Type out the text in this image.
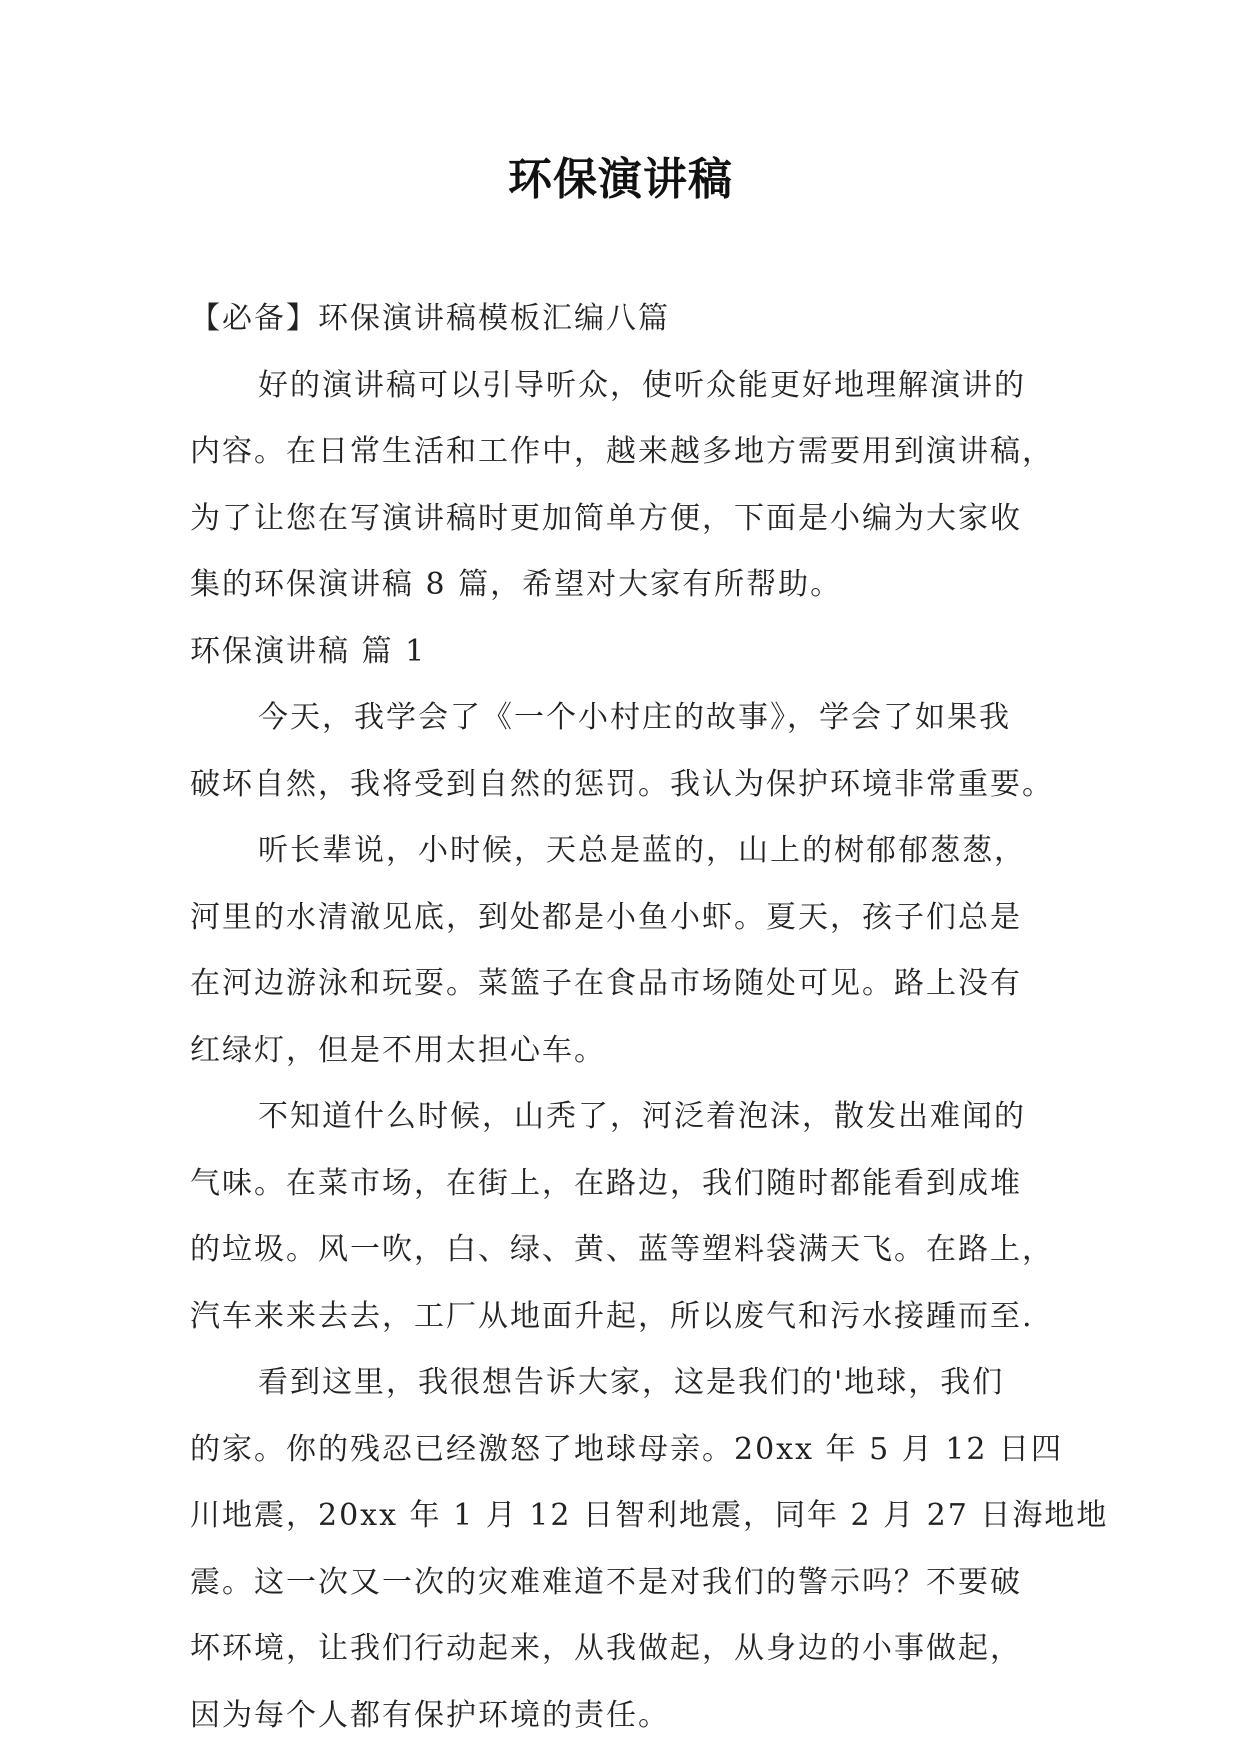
环保演讲稿
【必备】环保演讲稿模板汇编八篇
好的演讲稿可以引导听众，使听众能更好地理解演讲的
内容。在日常生活和工作中，越来越多地方需要用到演讲稿，
为了让您在写演讲稿时更加简单方便，下面是小编为大家收
集的环保演讲稿 8 篇，希望对大家有所帮助。
环保演讲稿 篇 1
今天，我学会了《一个小村庄的故事》，学会了如果我
破坏自然，我将受到自然的惩罚。我认为保护环境非常重要。
听长辈说，小时候，天总是蓝的，山上的树郁郁葱葱，
河里的水清澈见底，到处都是小鱼小虾。夏天，孩子们总是
在河边游泳和玩耍。菜篮子在食品市场随处可见。路上没有
红绿灯，但是不用太担心车。
不知道什么时候，山秃了，河泛着泡沫，散发出难闻的
气味。在菜市场，在街上，在路边，我们随时都能看到成堆
的垃圾。风一吹，白、绿、黄、蓝等塑料袋满天飞。在路上，
汽车来来去去，工厂从地面升起，所以废气和污水接踵而至.
看到这里，我很想告诉大家，这是我们的'地球，我们
的家。你的残忍已经激怒了地球母亲。20xx 年 5 月 12 日四
川地震，20xx 年 1 月 12 日智利地震，同年 2 月 27 日海地地
震。这一次又一次的灾难难道不是对我们的警示吗？不要破
坏环境，让我们行动起来，从我做起，从身边的小事做起，
因为每个人都有保护环境的责任。
